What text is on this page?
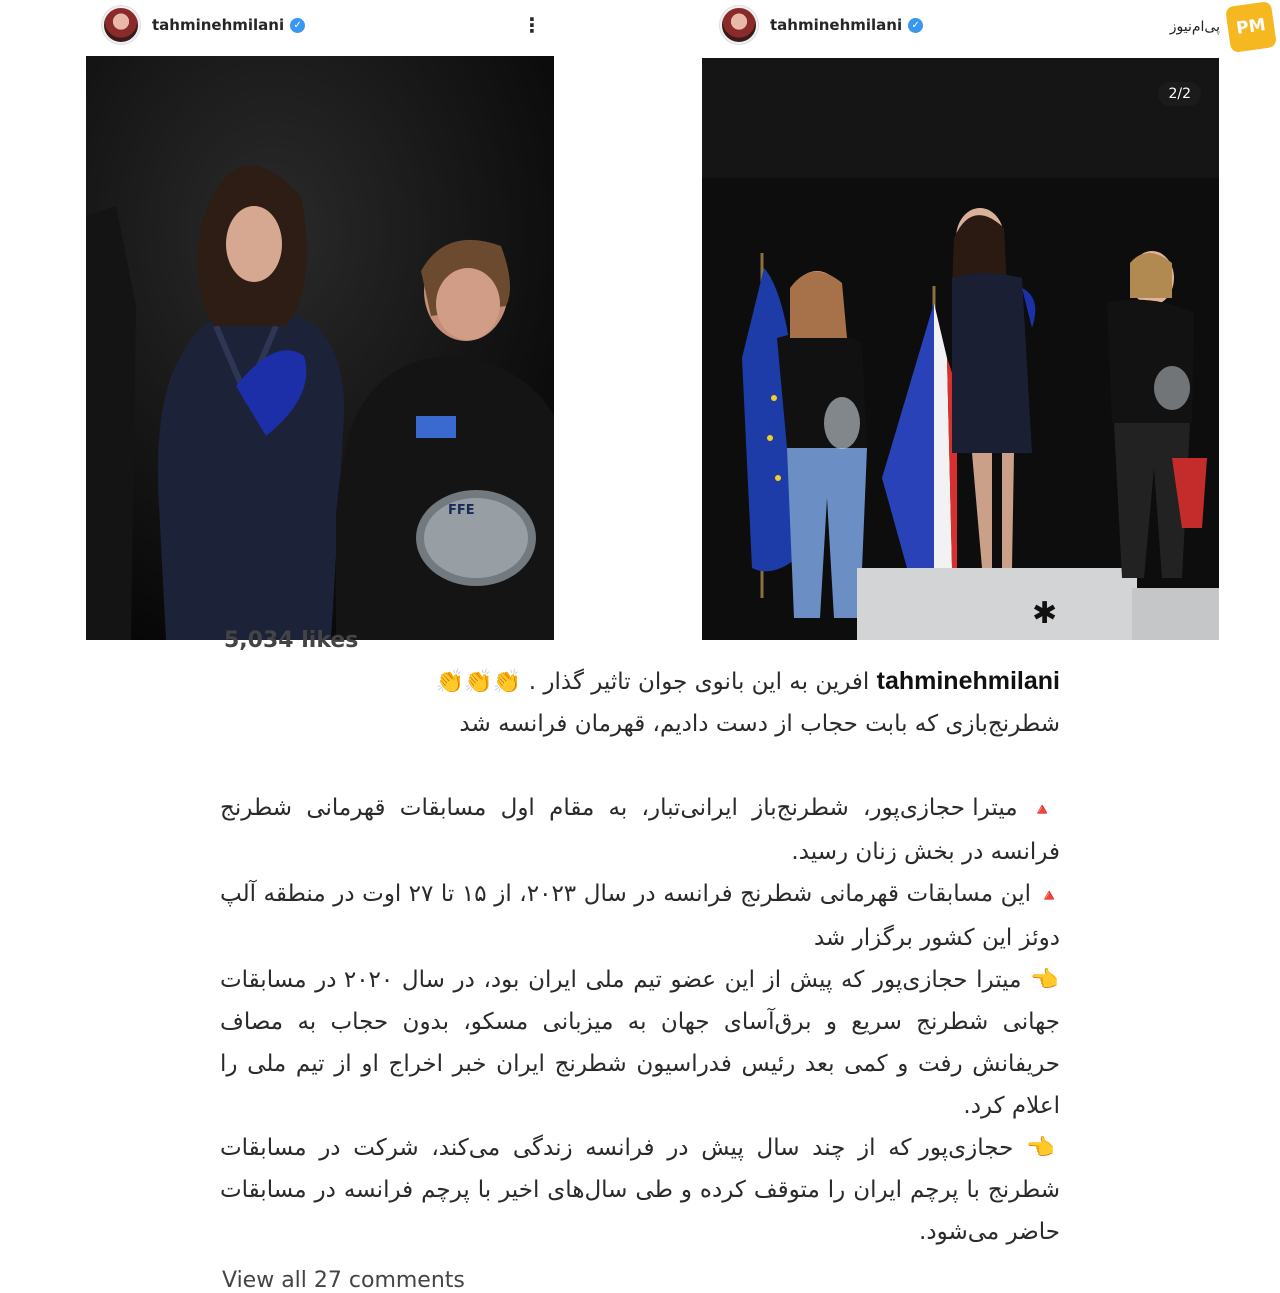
tahminehmilani ✓	⋮
FFE
tahminehmilani ✓	پی‌ام‌نیوز PM
✱
2/2
5,034 likes

tahminehmilani افرین به این بانوی جوان تاثیر گذار . 👏👏👏

شطرنج‌بازی که بابت حجاب از دست دادیم، قهرمان فرانسه شد

🔺 میترا حجازی‌پور، شطرنج‌باز ایرانی‌تبار، به مقام اول مسابقات قهرمانی شطرنج فرانسه در بخش زنان رسید.

🔺 این مسابقات قهرمانی شطرنج فرانسه در سال ۲۰۲۳، از ۱۵ تا ۲۷ اوت در منطقه آلپ دوئز این کشور برگزار شد

👈 میترا حجازی‌پور که پیش از این عضو تیم ملی ایران بود، در سال ۲۰۲۰ در مسابقات جهانی شطرنج سریع و برق‌آسای جهان به میزبانی مسکو، بدون حجاب به مصاف حریفانش رفت و کمی بعد رئیس فدراسیون شطرنج ایران خبر اخراج او از تیم ملی را اعلام کرد.

👈 حجازی‌پور که از چند سال پیش در فرانسه زندگی می‌کند، شرکت در مسابقات شطرنج با پرچم ایران را متوقف کرده و طی سال‌های اخیر با پرچم فرانسه در مسابقات حاضر می‌شود.

View all 27 comments
